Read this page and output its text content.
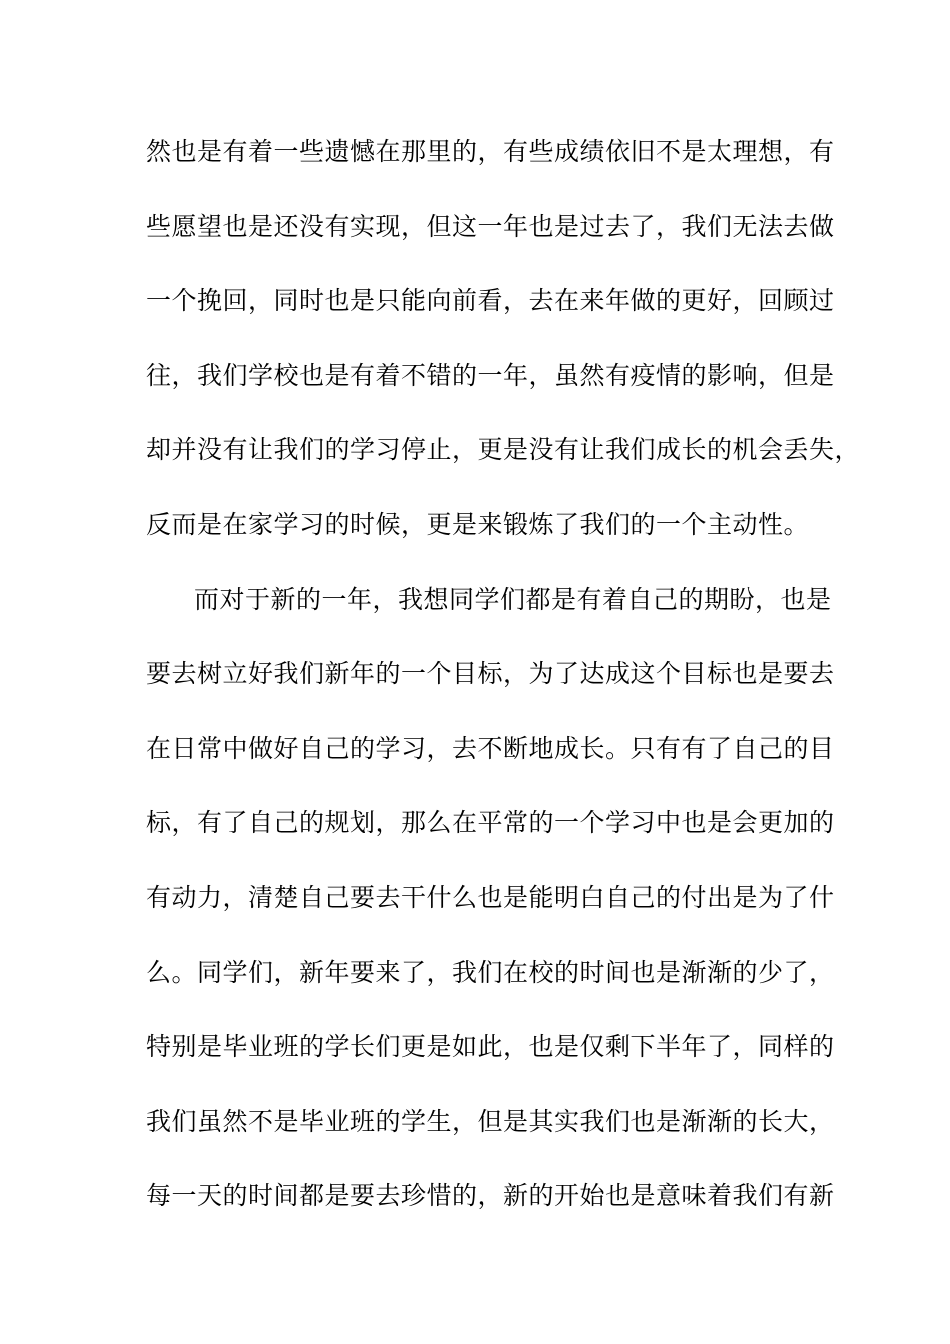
然也是有着一些遗憾在那里的，有些成绩依旧不是太理想，有
些愿望也是还没有实现，但这一年也是过去了，我们无法去做
一个挽回，同时也是只能向前看，去在来年做的更好，回顾过
往，我们学校也是有着不错的一年，虽然有疫情的影响，但是
却并没有让我们的学习停止，更是没有让我们成长的机会丢失，
反而是在家学习的时候，更是来锻炼了我们的一个主动性。
而对于新的一年，我想同学们都是有着自己的期盼，也是
要去树立好我们新年的一个目标，为了达成这个目标也是要去
在日常中做好自己的学习，去不断地成长。只有有了自己的目
标，有了自己的规划，那么在平常的一个学习中也是会更加的
有动力，清楚自己要去干什么也是能明白自己的付出是为了什
么。同学们，新年要来了，我们在校的时间也是渐渐的少了，
特别是毕业班的学长们更是如此，也是仅剩下半年了，同样的
我们虽然不是毕业班的学生，但是其实我们也是渐渐的长大，
每一天的时间都是要去珍惜的，新的开始也是意味着我们有新
